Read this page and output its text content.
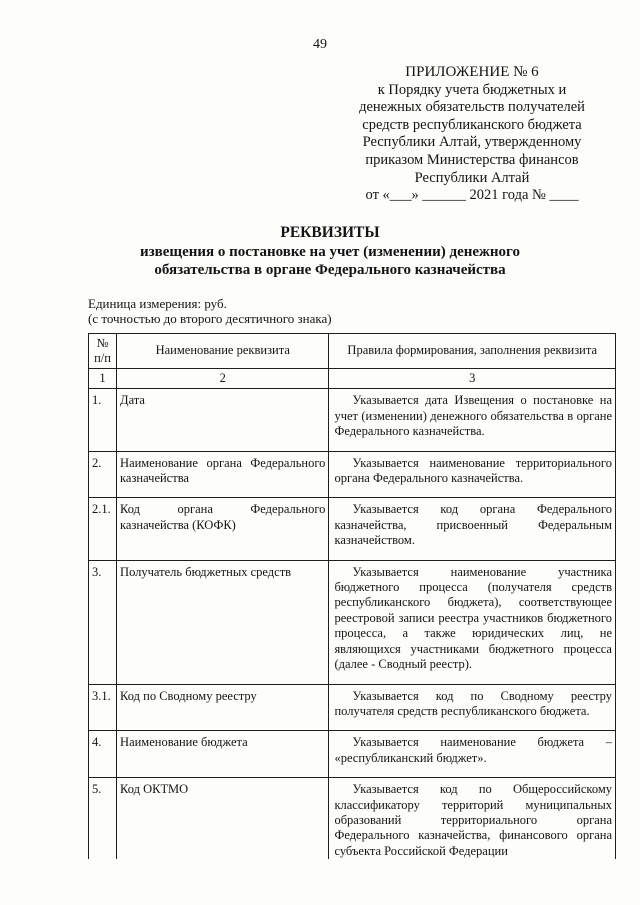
49
ПРИЛОЖЕНИЕ № 6
к Порядку учета бюджетных и
денежных обязательств получателей
средств республиканского бюджета
Республики Алтай, утвержденному
приказом Министерства финансов
Республики Алтай
от «___» ______ 2021 года № ____
РЕКВИЗИТЫ
извещения о постановке на учет (изменении) денежного
обязательства в органе Федерального казначейства
Единица измерения: руб.
(с точностью до второго десятичного знака)
№ п/п	Наименование реквизита	Правила формирования, заполнения реквизита
1	2	3
1.	Дата	Указывается дата Извещения о постановке на учет (изменении) денежного обязательства в органе Федерального казначейства.
2.	Наименование органа Федерального казначейства	Указывается наименование территориального органа Федерального казначейства.
2.1.	Код органа Федерального казначейства (КОФК)	Указывается код органа Федерального казначейства, присвоенный Федеральным казначейством.
3.	Получатель бюджетных средств	Указывается наименование участника бюджетного процесса (получателя средств республиканского бюджета), соответствующее реестровой записи реестра участников бюджетного процесса, а также юридических лиц, не являющихся участниками бюджетного процесса (далее - Сводный реестр).
3.1.	Код по Сводному реестру	Указывается код по Сводному реестру получателя средств республиканского бюджета.
4.	Наименование бюджета	Указывается наименование бюджета – «республиканский бюджет».
5.	Код ОКТМО	Указывается код по Общероссийскому классификатору территорий муниципальных образований территориального органа Федерального казначейства, финансового органа субъекта Российской Федерации
